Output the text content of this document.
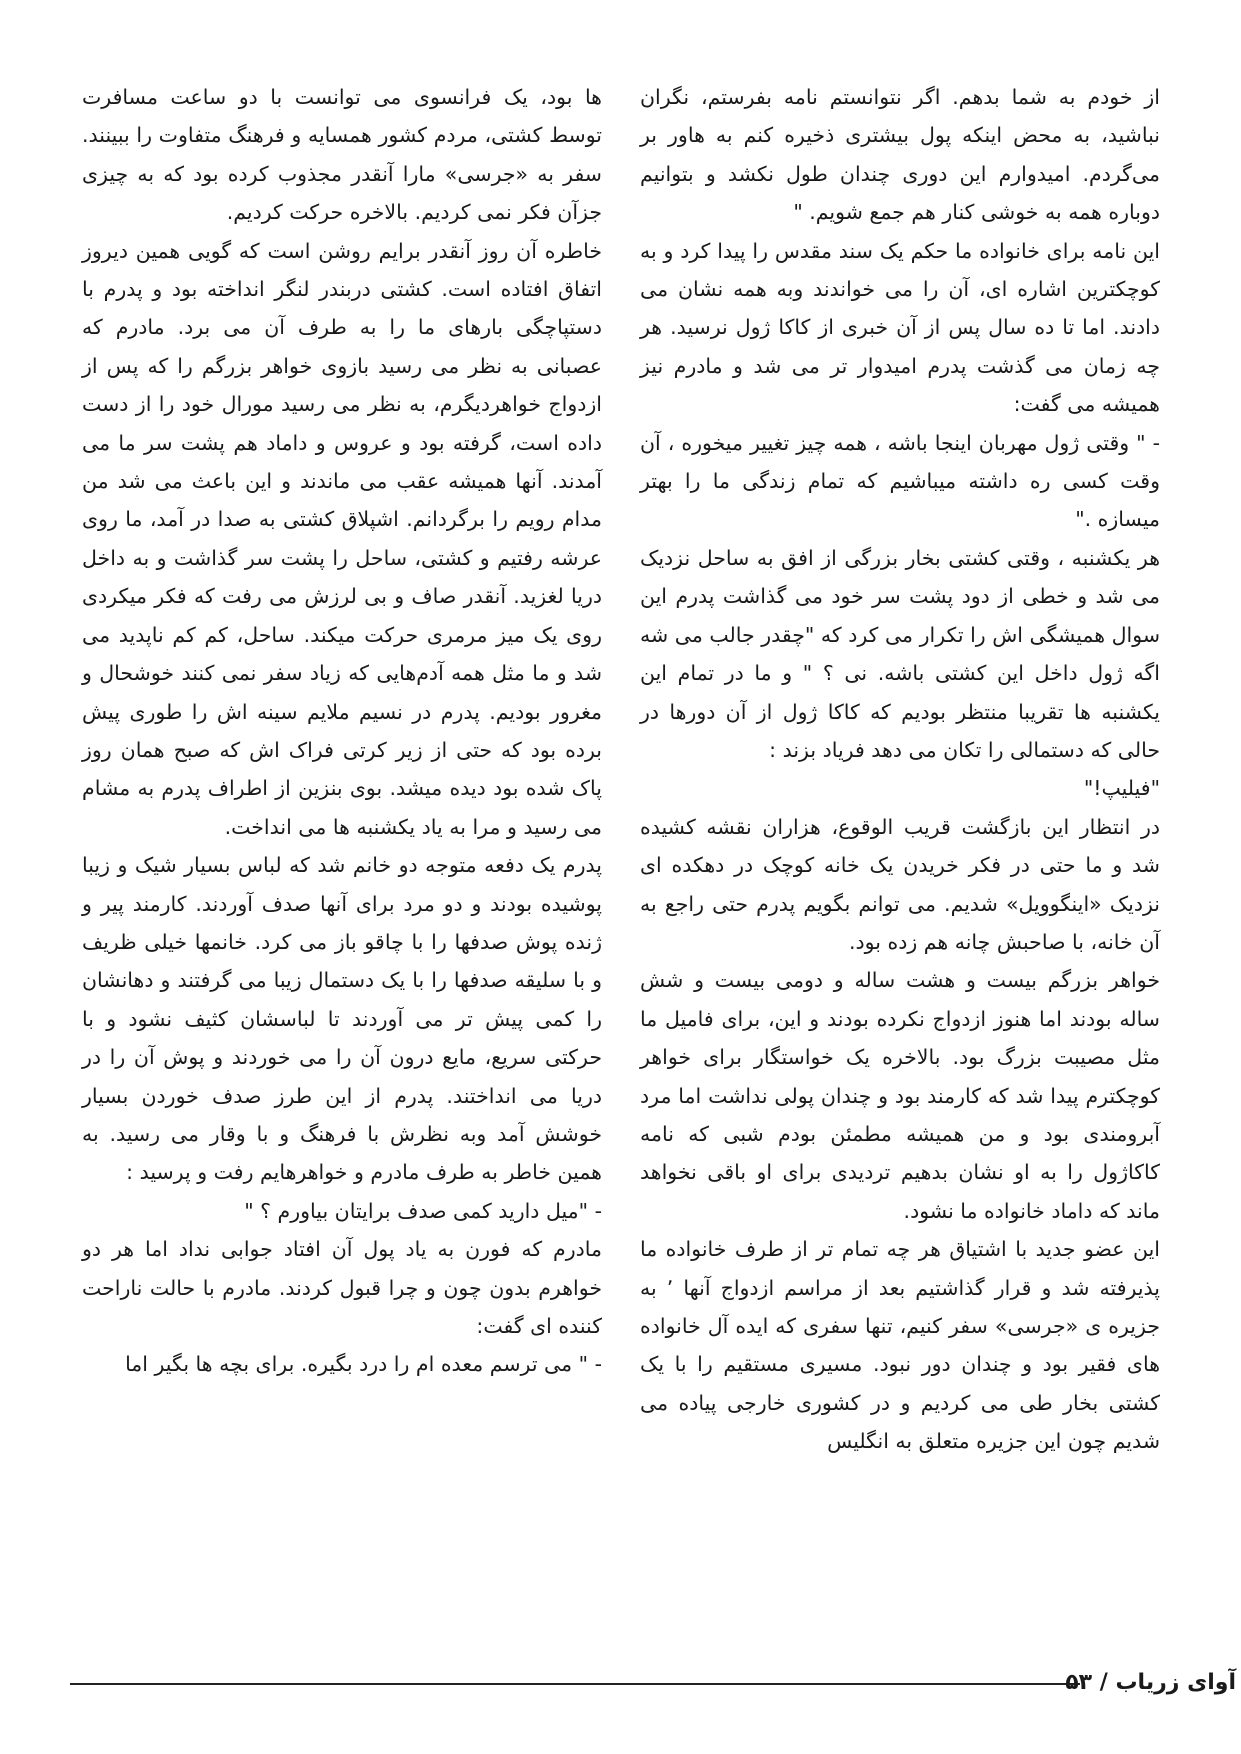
از خودم به شما بدهم. اگر نتوانستم نامه بفرستم، نگران نباشید، به محض اینکه پول بیشتری ذخیره کنم به هاور بر می‌گردم. امیدوارم این دوری چندان طول نکشد و بتوانیم دوباره همه به خوشی کنار هم جمع شویم. "

این نامه برای خانواده ما حکم یک سند مقدس را پیدا کرد و به کوچکترین اشاره ای، آن را می خواندند وبه همه نشان می دادند. اما تا ده سال پس از آن خبری از کاکا ژول نرسید. هر چه زمان می گذشت پدرم امیدوار تر می شد و مادرم نیز همیشه می گفت:

- " وقتی ژول مهربان اینجا باشه ، همه چیز تغییر میخوره ، آن وقت کسی ره داشته میباشیم که تمام زندگی ما را بهتر میسازه ."

هر یکشنبه ، وقتی کشتی بخار بزرگی از افق به ساحل نزدیک می شد و خطی از دود پشت سر خود می گذاشت پدرم این سوال همیشگی اش را تکرار می کرد که "چقدر جالب می شه اگه ژول داخل این کشتی باشه. نی ؟ " و ما در تمام این یکشنبه ها تقریبا منتظر بودیم که کاکا ژول از آن دورها در حالی که دستمالی را تکان می دهد فریاد بزند :

"فیلیپ!"

در انتظار این بازگشت قریب الوقوع، هزاران نقشه کشیده شد و ما حتی در فکر خریدن یک خانه کوچک در دهکده ای نزدیک «اینگوویل» شدیم. می توانم بگویم پدرم حتی راجع به آن خانه، با صاحبش چانه هم زده بود.

خواهر بزرگم بیست و هشت ساله و دومی بیست و شش ساله بودند اما هنوز ازدواج نکرده بودند و این، برای فامیل ما مثل مصیبت بزرگ بود. بالاخره یک خواستگار برای خواهر کوچکترم پیدا شد که کارمند بود و چندان پولی نداشت اما مرد آبرومندی بود و من همیشه مطمئن بودم شبی که نامه کاکاژول را به او نشان بدهیم تردیدی برای او باقی نخواهد ماند که داماد خانواده ما نشود.

این عضو جدید با اشتیاق هر چه تمام تر از طرف خانواده ما پذیرفته شد و قرار گذاشتیم بعد از مراسم ازدواج آنها ٬ به جزیره ی «جرسی» سفر کنیم، تنها سفری که ایده آل خانواده های فقیر بود و چندان دور نبود. مسیری مستقیم را با یک کشتی بخار طی می کردیم و در کشوری خارجی پیاده می شدیم چون این جزیره متعلق به انگلیس

ها بود، یک فرانسوی می توانست با دو ساعت مسافرت توسط کشتی، مردم کشور همسایه و فرهنگ متفاوت را ببینند. سفر به «جرسی» مارا آنقدر مجذوب کرده بود که به چیزی جزآن فکر نمی کردیم. بالاخره حرکت کردیم.

خاطره آن روز آنقدر برایم روشن است که گویی همین دیروز اتفاق افتاده است. کشتی دربندر لنگر انداخته بود و پدرم با دستپاچگی بارهای ما را به طرف آن می برد. مادرم که عصبانی به نظر می رسید بازوی خواهر بزرگم را که پس از ازدواج خواهردیگرم، به نظر می رسید مورال خود را از دست داده است، گرفته بود و عروس و داماد هم پشت سر ما می آمدند. آنها همیشه عقب می ماندند و این باعث می شد من مدام رویم را برگردانم. اشپلاق کشتی به صدا در آمد، ما روی عرشه رفتیم و کشتی، ساحل را پشت سر گذاشت و به داخل دریا لغزید. آنقدر صاف و بی لرزش می رفت که فکر میکردی روی یک میز مرمری حرکت میکند. ساحل، کم کم ناپدید می شد و ما مثل همه آدم‌هایی که زیاد سفر نمی کنند خوشحال و مغرور بودیم. پدرم در نسیم ملایم سینه اش را طوری پیش برده بود که حتی از زیر کرتی فراک اش که صبح همان روز پاک شده بود دیده میشد. بوی بنزین از اطراف پدرم به مشام می رسید و مرا به یاد یکشنبه ها می انداخت.

پدرم یک دفعه متوجه دو خانم شد که لباس بسیار شیک و زیبا پوشیده بودند و دو مرد برای آنها صدف آوردند. کارمند پیر و ژنده پوش صدفها را با چاقو باز می کرد. خانمها خیلی ظریف و با سلیقه صدفها را با یک دستمال زیبا می گرفتند و دهانشان را کمی پیش تر می آوردند تا لباسشان کثیف نشود و با حرکتی سریع، مایع درون آن را می خوردند و پوش آن را در دریا می انداختند. پدرم از این طرز صدف خوردن بسیار خوشش آمد وبه نظرش با فرهنگ و با وقار می رسید. به همین خاطر به طرف مادرم و خواهرهایم رفت و پرسید :

- "میل دارید کمی صدف برایتان بیاورم ؟ "

مادرم که فورن به یاد پول آن افتاد جوابی نداد اما هر دو خواهرم بدون چون و چرا قبول کردند. مادرم با حالت ناراحت کننده ای گفت:

- " می ترسم معده ام را درد بگیره. برای بچه ها بگیر اما

آوای زریاب / ۵۳
